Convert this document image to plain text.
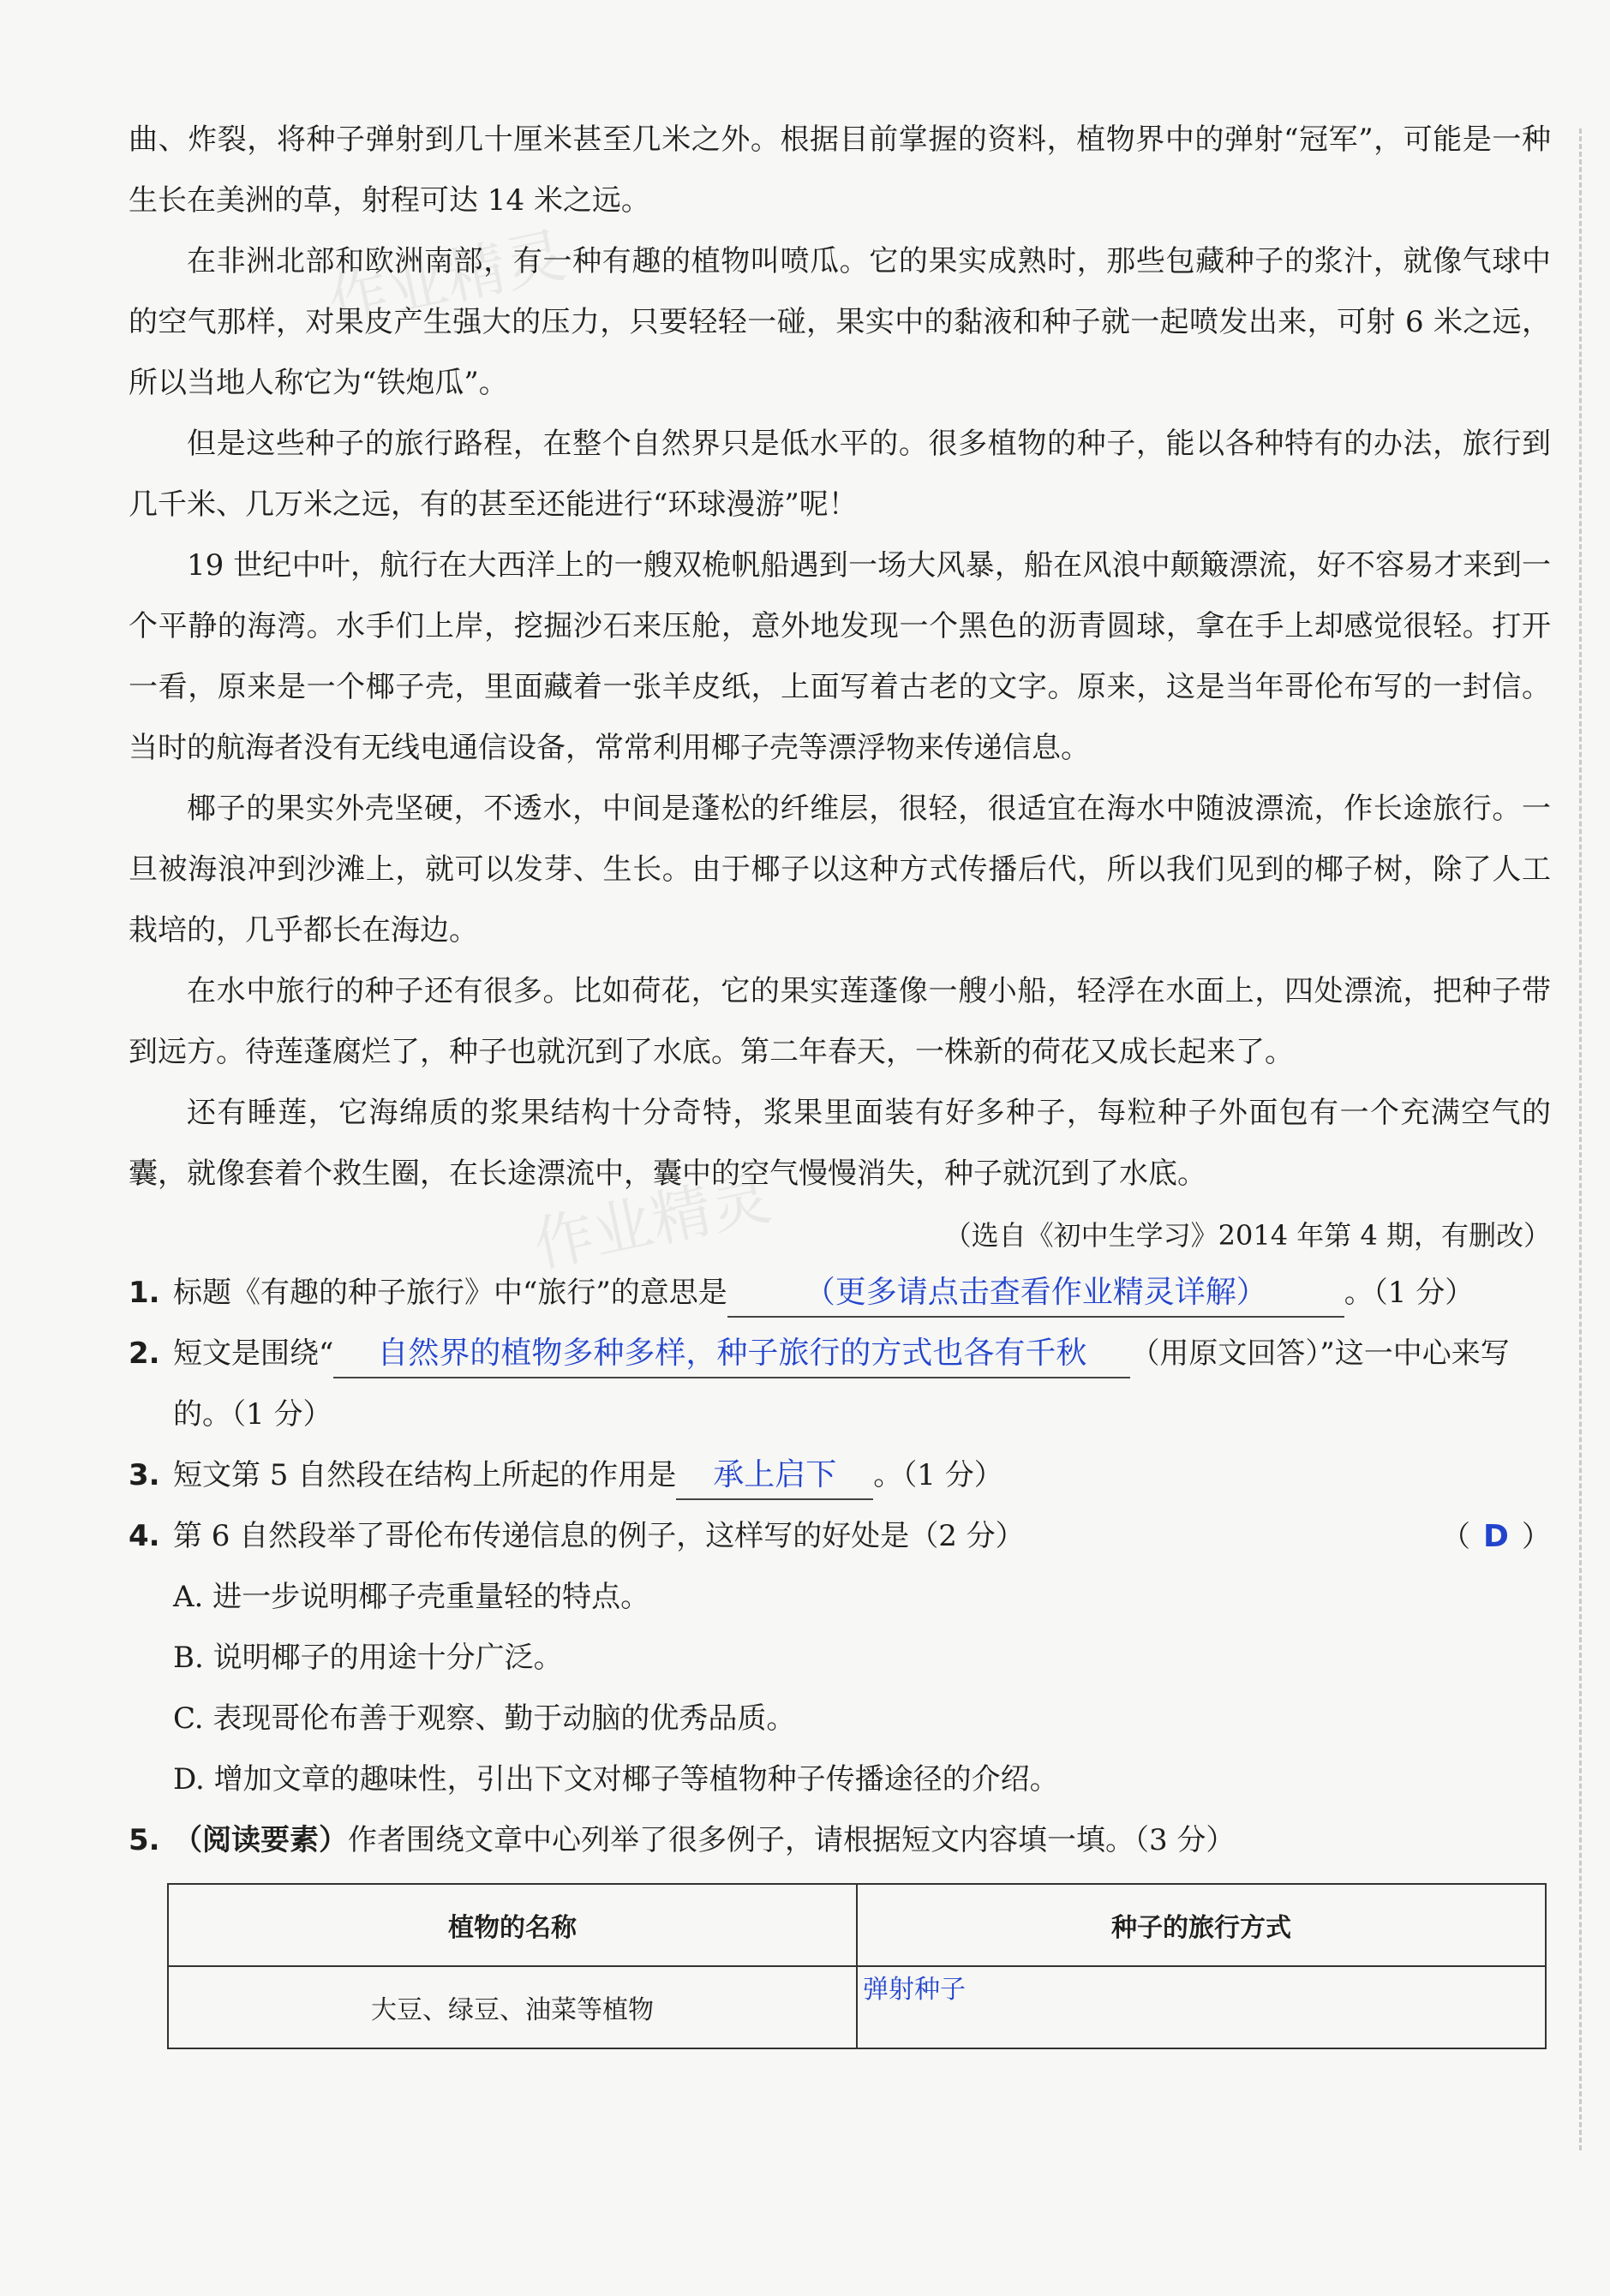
作业精灵
作业精灵

曲、炸裂，将种子弹射到几十厘米甚至几米之外。根据目前掌握的资料，植物界中的弹射“冠军”，可能是一种生长在美洲的草，射程可达 14 米之远。

在非洲北部和欧洲南部，有一种有趣的植物叫喷瓜。它的果实成熟时，那些包藏种子的浆汁，就像气球中的空气那样，对果皮产生强大的压力，只要轻轻一碰，果实中的黏液和种子就一起喷发出来，可射 6 米之远，所以当地人称它为“铁炮瓜”。

但是这些种子的旅行路程，在整个自然界只是低水平的。很多植物的种子，能以各种特有的办法，旅行到几千米、几万米之远，有的甚至还能进行“环球漫游”呢！

19 世纪中叶，航行在大西洋上的一艘双桅帆船遇到一场大风暴，船在风浪中颠簸漂流，好不容易才来到一个平静的海湾。水手们上岸，挖掘沙石来压舱，意外地发现一个黑色的沥青圆球，拿在手上却感觉很轻。打开一看，原来是一个椰子壳，里面藏着一张羊皮纸，上面写着古老的文字。原来，这是当年哥伦布写的一封信。当时的航海者没有无线电通信设备，常常利用椰子壳等漂浮物来传递信息。

椰子的果实外壳坚硬，不透水，中间是蓬松的纤维层，很轻，很适宜在海水中随波漂流，作长途旅行。一旦被海浪冲到沙滩上，就可以发芽、生长。由于椰子以这种方式传播后代，所以我们见到的椰子树，除了人工栽培的，几乎都长在海边。

在水中旅行的种子还有很多。比如荷花，它的果实莲蓬像一艘小船，轻浮在水面上，四处漂流，把种子带到远方。待莲蓬腐烂了，种子也就沉到了水底。第二年春天，一株新的荷花又成长起来了。

还有睡莲，它海绵质的浆果结构十分奇特，浆果里面装有好多种子，每粒种子外面包有一个充满空气的囊，就像套着个救生圈，在长途漂流中，囊中的空气慢慢消失，种子就沉到了水底。

（选自《初中生学习》2014 年第 4 期，有删改）

1. 标题《有趣的种子旅行》中“旅行”的意思是 （更多请点击查看作业精灵详解）	。（1 分）

2. 短文是围绕“ 自然界的植物多种多样，种子旅行的方式也各有千秋 （用原文回答）”这一中心来写的。（1 分）

3. 短文第 5 自然段在结构上所起的作用是 承上启下 。（1 分）

4. 第 6 自然段举了哥伦布传递信息的例子，这样写的好处是（2 分）	（ D ）

A. 进一步说明椰子壳重量轻的特点。

B. 说明椰子的用途十分广泛。

C. 表现哥伦布善于观察、勤于动脑的优秀品质。

D. 增加文章的趣味性，引出下文对椰子等植物种子传播途径的介绍。

5. （阅读要素）作者围绕文章中心列举了很多例子，请根据短文内容填一填。（3 分）

植物的名称	种子的旅行方式
大豆、绿豆、油菜等植物	弹射种子
